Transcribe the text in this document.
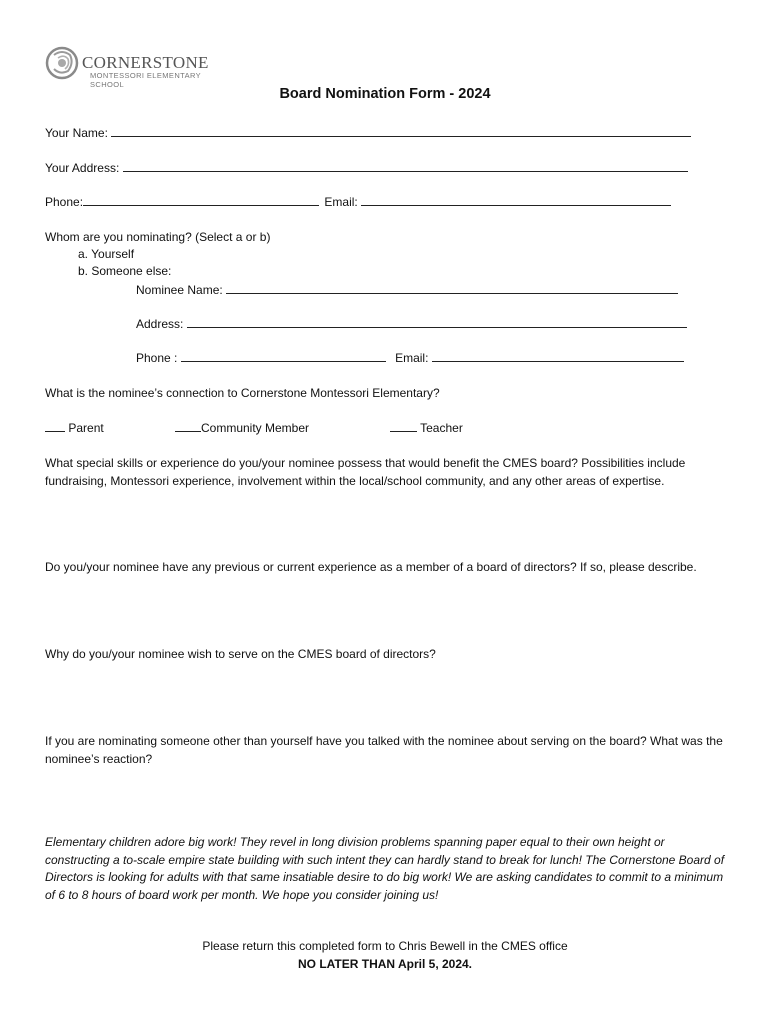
CORNERSTONE
MONTESSORI ELEMENTARY SCHOOL
Board Nomination Form - 2024
Your Name:
Your Address:
Phone:	Email:
Whom are you nominating? (Select a or b)
a. Yourself
b. Someone else:
Nominee Name:
Address:
Phone :	Email:
What is the nominee’s connection to Cornerstone Montessori Elementary?
Parent	Community Member	Teacher
What special skills or experience do you/your nominee possess that would benefit the CMES board? Possibilities include fundraising, Montessori experience, involvement within the local/school community, and any other areas of expertise.
Do you/your nominee have any previous or current experience as a member of a board of directors? If so, please describe.
Why do you/your nominee wish to serve on the CMES board of directors?
If you are nominating someone other than yourself have you talked with the nominee about serving on the board? What was the nominee’s reaction?
Elementary children adore big work! They revel in long division problems spanning paper equal to their own height or constructing a to-scale empire state building with such intent they can hardly stand to break for lunch! The Cornerstone Board of Directors is looking for adults with that same insatiable desire to do big work! We are asking candidates to commit to a minimum of 6 to 8 hours of board work per month. We hope you consider joining us!
Please return this completed form to Chris Bewell in the CMES office
NO LATER THAN April 5, 2024.
